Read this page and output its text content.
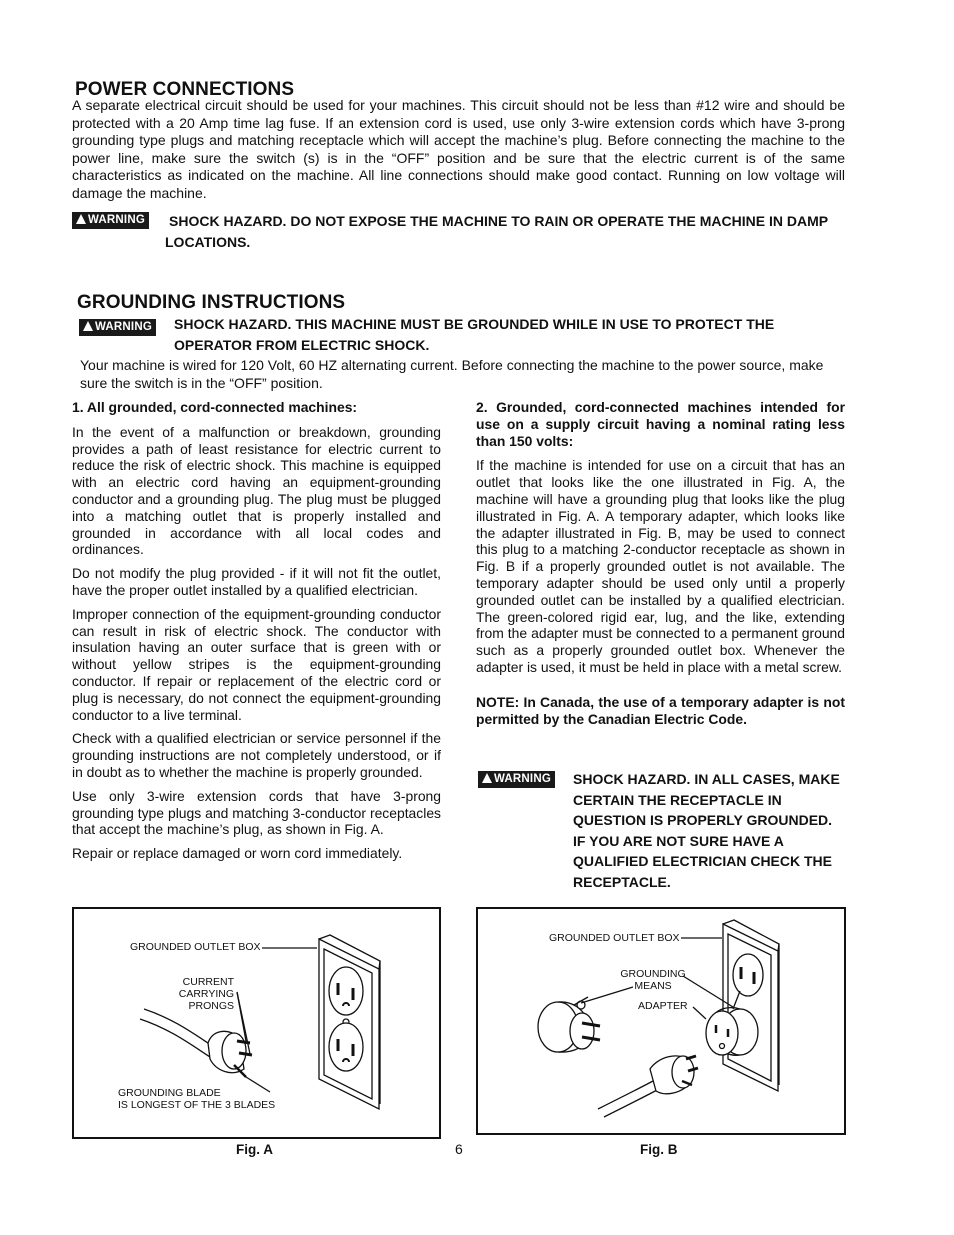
POWER CONNECTIONS
A separate electrical circuit should be used for your machines. This circuit should not be less than #12 wire and should be protected with a 20 Amp time lag fuse. If an extension cord is used, use only 3-wire extension cords which have 3-prong grounding type plugs and matching receptacle which will accept the machine’s plug. Before connecting the machine to the power line, make sure the switch (s) is in the “OFF” position and be sure that the electric current is of the same characteristics as indicated on the machine. All line connections should make good contact. Running on low voltage will damage the machine.
WARNING SHOCK HAZARD. DO NOT EXPOSE THE MACHINE TO RAIN OR OPERATE THE MACHINE IN DAMP LOCATIONS.
GROUNDING INSTRUCTIONS
WARNING SHOCK HAZARD. THIS MACHINE MUST BE GROUNDED WHILE IN USE TO PROTECT THE OPERATOR FROM ELECTRIC SHOCK.
Your machine is wired for 120 Volt, 60 HZ alternating current. Before connecting the machine to the power source, make sure the switch is in the “OFF” position.
1. All grounded, cord-connected machines:
In the event of a malfunction or breakdown, grounding provides a path of least resistance for electric current to reduce the risk of electric shock. This machine is equipped with an electric cord having an equipment-grounding conductor and a grounding plug. The plug must be plugged into a matching outlet that is properly installed and grounded in accordance with all local codes and ordinances.
Do not modify the plug provided - if it will not fit the outlet, have the proper outlet installed by a qualified electrician.
Improper connection of the equipment-grounding conductor can result in risk of electric shock. The conductor with insulation having an outer surface that is green with or without yellow stripes is the equipment-grounding conductor. If repair or replacement of the electric cord or plug is necessary, do not connect the equipment-grounding conductor to a live terminal.
Check with a qualified electrician or service personnel if the grounding instructions are not completely understood, or if in doubt as to whether the machine is properly grounded.
Use only 3-wire extension cords that have 3-prong grounding type plugs and matching 3-conductor receptacles that accept the machine’s plug, as shown in Fig. A.
Repair or replace damaged or worn cord immediately.
2. Grounded, cord-connected machines intended for use on a supply circuit having a nominal rating less than 150 volts:
If the machine is intended for use on a circuit that has an outlet that looks like the one illustrated in Fig. A, the machine will have a grounding plug that looks like the plug illustrated in Fig. A. A temporary adapter, which looks like the adapter illustrated in Fig. B, may be used to connect this plug to a matching 2-conductor receptacle as shown in Fig. B if a properly grounded outlet is not available. The temporary adapter should be used only until a properly grounded outlet can be installed by a qualified electrician. The green-colored rigid ear, lug, and the like, extending from the adapter must be connected to a permanent ground such as a properly grounded outlet box. Whenever the adapter is used, it must be held in place with a metal screw.
NOTE: In Canada, the use of a temporary adapter is not permitted by the Canadian Electric Code.
WARNING SHOCK HAZARD. IN ALL CASES, MAKE
CERTAIN THE RECEPTACLE IN
QUESTION IS PROPERLY GROUNDED.
IF YOU ARE NOT SURE HAVE A
QUALIFIED ELECTRICIAN CHECK THE
RECEPTACLE.
GROUNDED OUTLET BOX
CURRENT
CARRYING
PRONGS
GROUNDING BLADE
IS LONGEST OF THE 3 BLADES
Fig. A
GROUNDED OUTLET BOX
GROUNDING
MEANS
ADAPTER
Fig. B
6
